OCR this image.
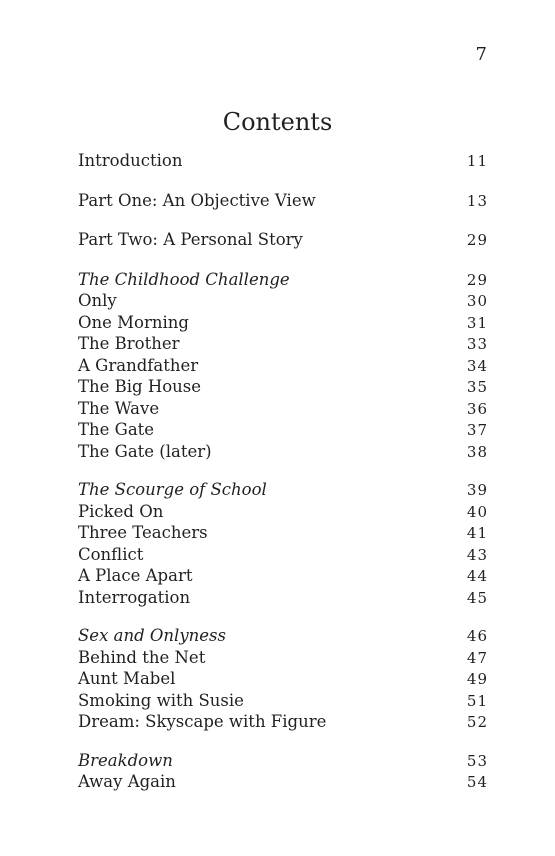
7
Contents
Introduction	11
Part One: An Objective View	13
Part Two: A Personal Story	29
The Childhood Challenge	29
Only	30
One Morning	31
The Brother	33
A Grandfather	34
The Big House	35
The Wave	36
The Gate	37
The Gate (later)	38
The Scourge of School	39
Picked On	40
Three Teachers	41
Conflict	43
A Place Apart	44
Interrogation	45
Sex and Onlyness	46
Behind the Net	47
Aunt Mabel	49
Smoking with Susie	51
Dream: Skyscape with Figure	52
Breakdown	53
Away Again	54
